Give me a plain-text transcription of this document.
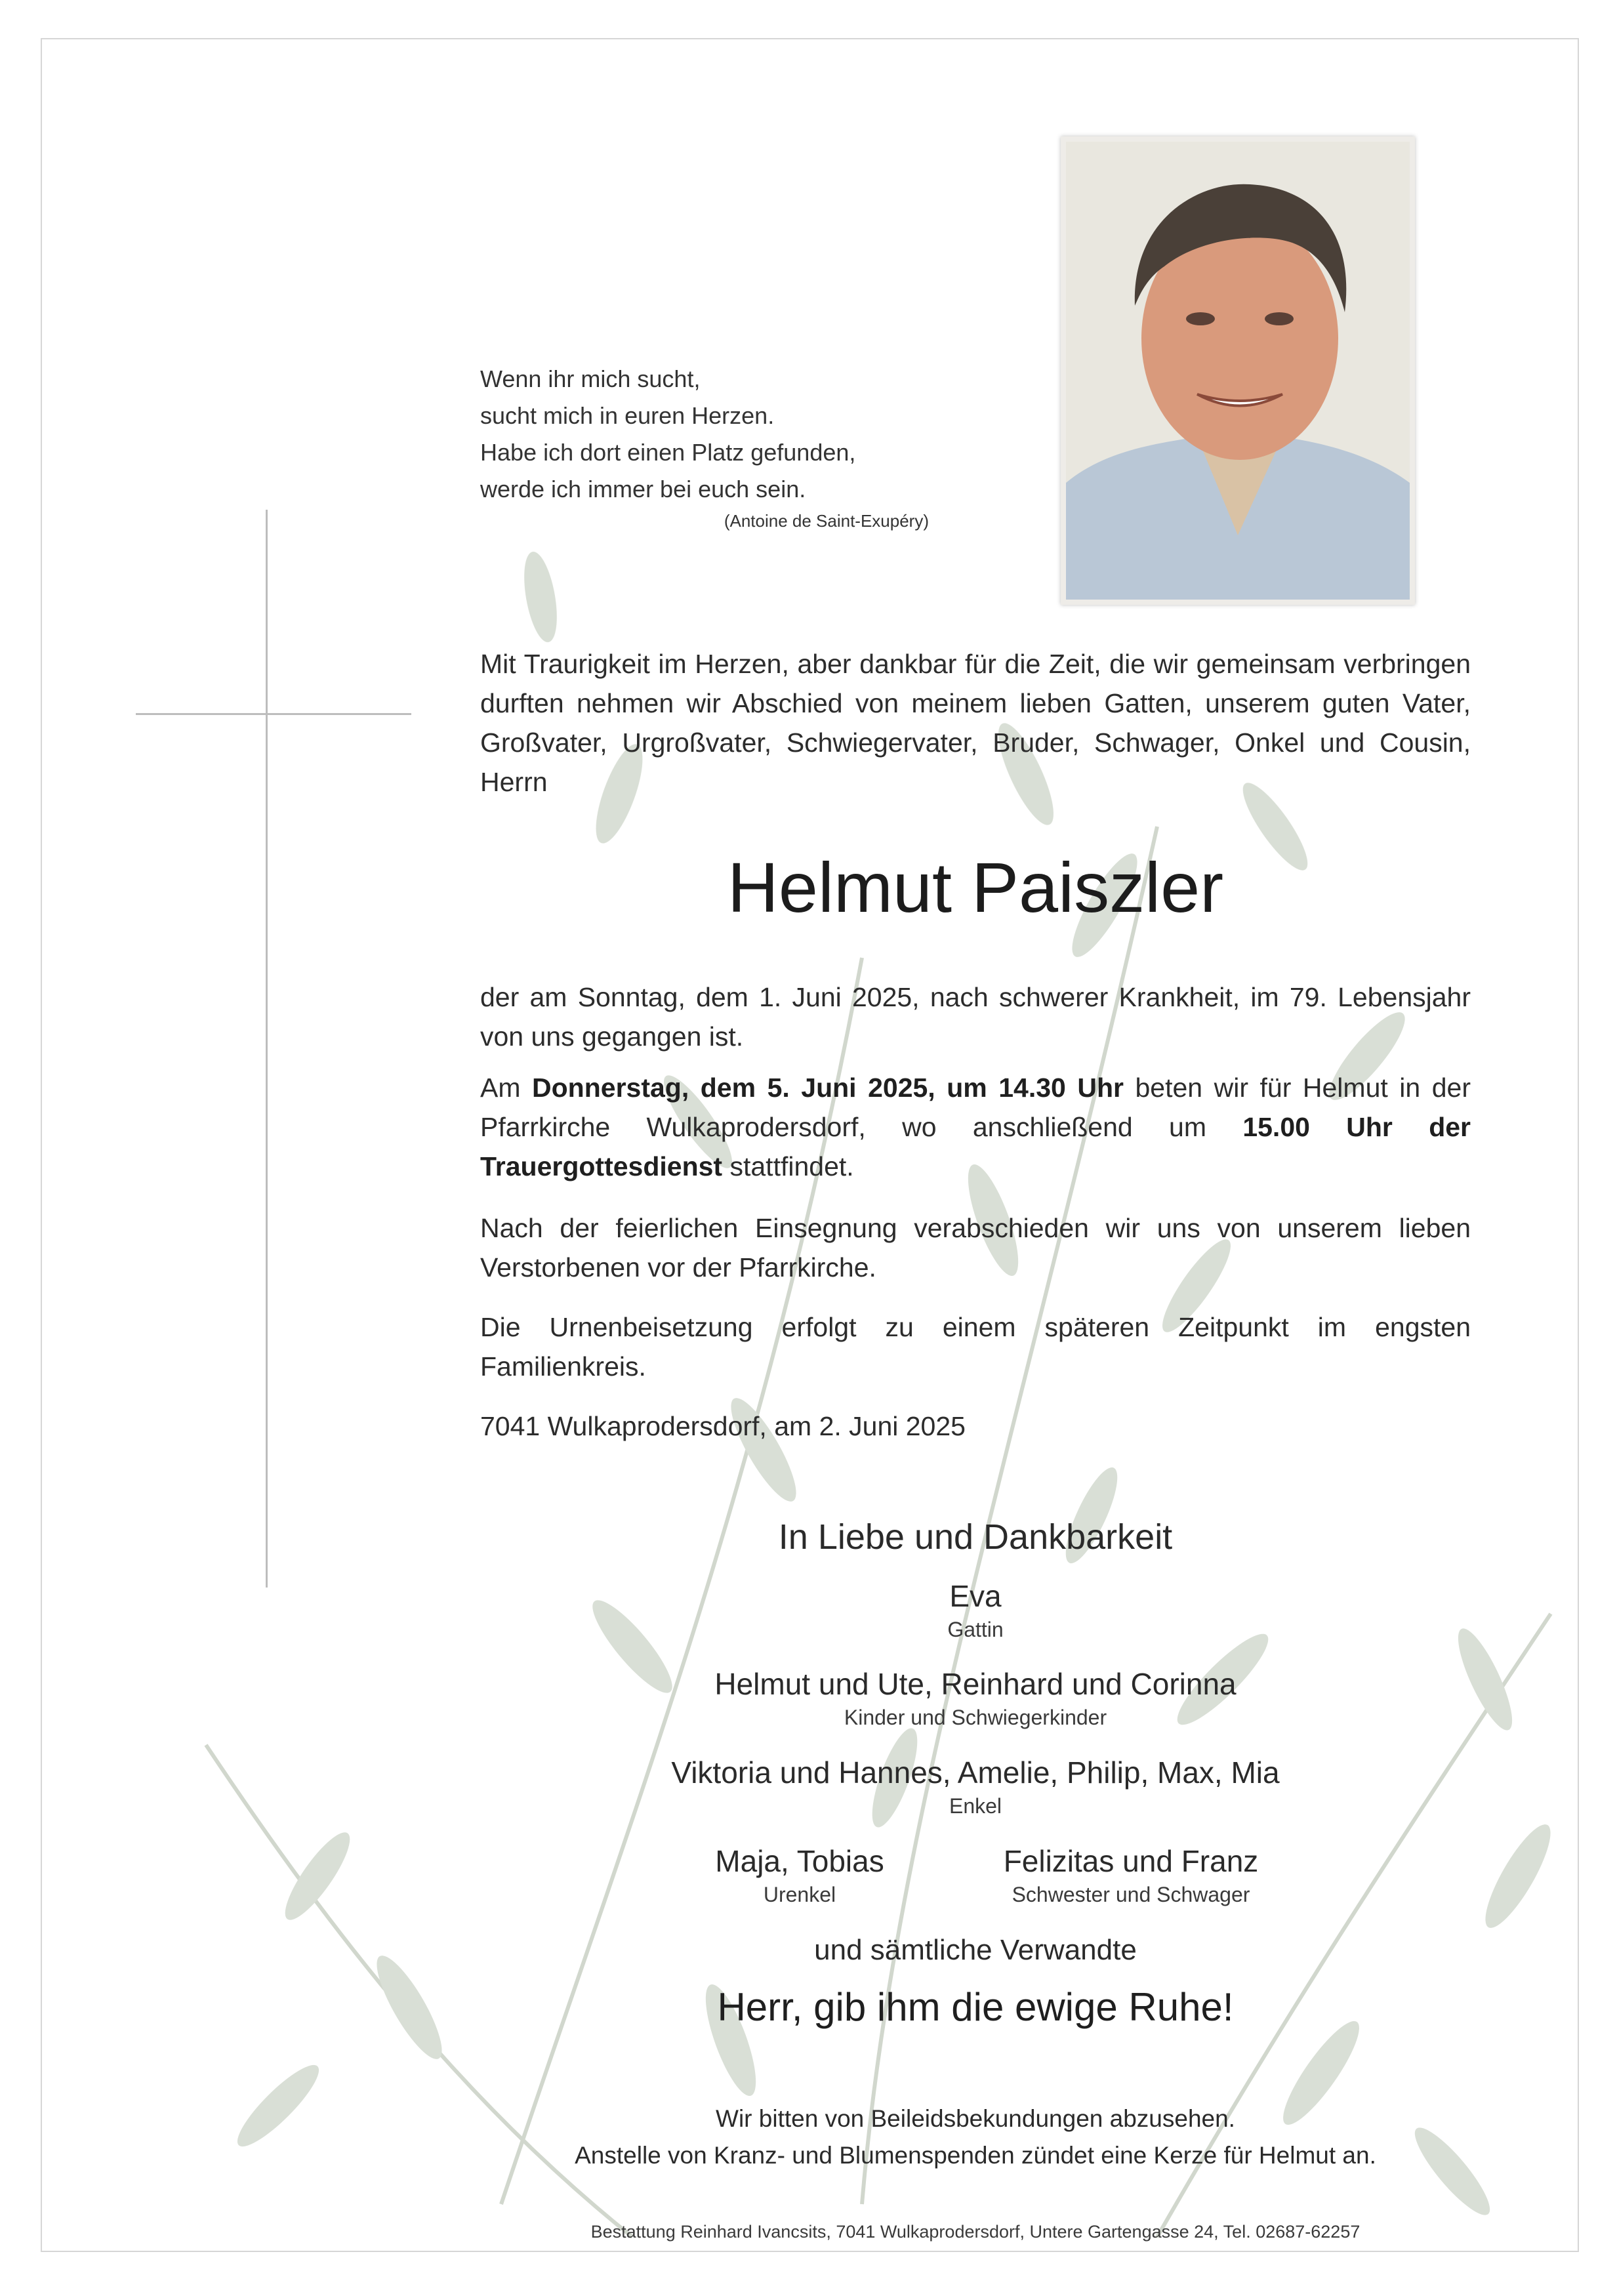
Wenn ihr mich sucht,
sucht mich in euren Herzen.
Habe ich dort einen Platz gefunden,
werde ich immer bei euch sein.
(Antoine de Saint-Exupéry)
Mit Traurigkeit im Herzen, aber dankbar für die Zeit, die wir gemeinsam verbringen durften nehmen wir Abschied von meinem lieben Gatten, unserem guten Vater, Großvater, Urgroßvater, Schwiegervater, Bruder, Schwager, Onkel und Cousin, Herrn
Helmut Paiszler
der am Sonntag, dem 1. Juni 2025, nach schwerer Krankheit, im 79. Lebensjahr von uns gegangen ist.
Am Donnerstag, dem 5. Juni 2025, um 14.30 Uhr beten wir für Helmut in der Pfarrkirche Wulkaprodersdorf, wo anschließend um 15.00 Uhr der Trauergottesdienst stattfindet.
Nach der feierlichen Einsegnung verabschieden wir uns von unserem lieben Verstorbenen vor der Pfarrkirche.
Die Urnenbeisetzung erfolgt zu einem späteren Zeitpunkt im engsten Familienkreis.
7041 Wulkaprodersdorf, am 2. Juni 2025
In Liebe und Dankbarkeit
Eva
Gattin
Helmut und Ute, Reinhard und Corinna
Kinder und Schwiegerkinder
Viktoria und Hannes, Amelie, Philip, Max, Mia
Enkel
Maja, Tobias
Urenkel
Felizitas und Franz
Schwester und Schwager
und sämtliche Verwandte
Herr, gib ihm die ewige Ruhe!
Wir bitten von Beileidsbekundungen abzusehen.
Anstelle von Kranz- und Blumenspenden zündet eine Kerze für Helmut an.
Bestattung Reinhard Ivancsits, 7041 Wulkaprodersdorf, Untere Gartengasse 24, Tel. 02687-62257
